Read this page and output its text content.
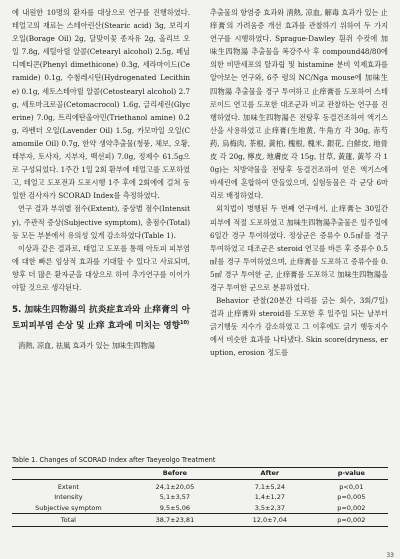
에 내원한 10명의 환자를 대상으로 연구를 진행하였다. 테얼고의 재료는 스테아린산(Stearic acid) 3g, 보리지 오일(Borage Oil) 2g, 달맞이꽃 종자유 2g, 올리브 오일 7.8g, 세틸아릴 알콜(Cetearyl alcohol) 2.5g, 페닐 디메티콘(Phenyl dimethicone) 0.3g, 세라마이드(Ceramide) 0.1g, 수첨레시틴(Hydrogenated Lecithine) 0.1g, 세토스테아릴 알콜(Cetostearyl alcohol) 2.7g, 세토마크로골(Cetomacrocol) 1.6g, 글리세린(Glycerine) 7.0g, 트리에탄올아민(Triethanol amine) 0.2g, 라벤더 오일(Lavender Oil) 1.5g, 카모마일 오일(Camomile Oil) 0.7g, 한약 생약추출물(청풍, 체보, 오황, 태부자, 토사자, 지부자, 백선피) 7.0g, 정제수 61.5g으로 구성되었다. 1주간 1일 2회 환부에 테얼고를 도포하였고, 테얼고 도포전과 도포시행 1주 후에 2회에에 걸쳐 동일한 검사자가 SCORAD Index를 측정하였다.

연구 결과 부위별 점수(Extent), 중상별 점수(Intensity), 주관적 증상(Subjective symptom), 총점수(Total) 등 모든 부분에서 유의성 있게 감소하였다(Table 1).

이상과 같은 결과로, 태얼고 도포를 통해 아토피 피부염에 대한 빠른 임상적 효과를 기대할 수 있다고 사료되며, 향후 더 많은 환자군을 대상으로 하여 추가연구를 이어가야할 것으로 생각된다.

5. 加味生四物湯의 抗炎症효과와 止痒膏의 아토피피부염 손상 및 止痒 효과에 미치는 영향$^{10)}$

消熱, 凉血, 祛風 효과가 있는 加味生四物湯

추출물의 항염증 효과와 淸熱, 凉血, 解毒 효과가 있는 止痒膏의 가려움증 개선 효과를 관찰하기 위하여 두 가지 연구를 시행하였다. Sprague-Dawley 흰쥐 수컷에 加味生四物湯 추출물을 복강주사 후 compound48/80에 의한 비만세포의 탈과립 및 histamine 분비 억제효과를 알아보는 연구와, 6주 령의 NC/Nga mouse에 加味生四物湯 추출물을 경구 투여하고 止痒膏를 도포하여 스테로이드 연고를 도포한 대조군과 비교 관찰하는 연구를 진행하였다. 加味生四物湯은 전탕후 동결건조하여 엑기스산을 사용하였고 止痒膏(生地黄, 牛角方 각 30g, 赤芍药, 烏梅肉, 茶根, 黃柏, 槐根, 槐米, 銀花, 白鮮皮, 地骨皮 각 20g, 檸皮, 地膚皮 각 15g, 甘草, 黃蓮, 黃芩 각 10g)는 처방약물을 전탕후 동결건조하여 얻은 엑기스에 바세린에 혼합하여 만들었으며, 실험동물은 각 군당 6마리로 배정하였다.

외치법이 병행된 두 번째 연구에서, 止痒膏는 30일간 피부에 적절 도포하였고 加味生四物湯추출물은 일주일에 6일간 경구 투여하였다. 정상군은 증류수 0.5㎖를 경구 투여하였고 대조군은 steroid 연고를 바른 후 증류수 0.5㎖를 경구 투여하였으며, 止痒膏를 도포하고 증류수를 0.5㎖ 경구 투여한 군, 止痒膏를 도포하고 加味生四物湯을 경구 투여한 군으로 분류하였다.

Behavior 관찰(20분간 다리를 긁는 회수, 3회/7일) 결과 止痒膏와 steroid를 도포한 후 일주일 되는 날부터 긁기행동 지수가 감소하였고 그 이후에도 긁기 행동지수에서 비슷한 효과를 나타냈다. Skin score(dryness, eruption, erosion 정도를

Table 1. Changes of SCORAD Index after Taeyeolgo Treatment
	Before	After	p-value
Extent	24,1±20,05	7,1±5,24	p<0,01
Intensity	5,1±3,57	1,4±1,27	p=0,005
Subjective symptom	9,5±5,06	3,5±2,37	p=0,002
Total	38,7±23,81	12,0±7,04	p=0,002
33
